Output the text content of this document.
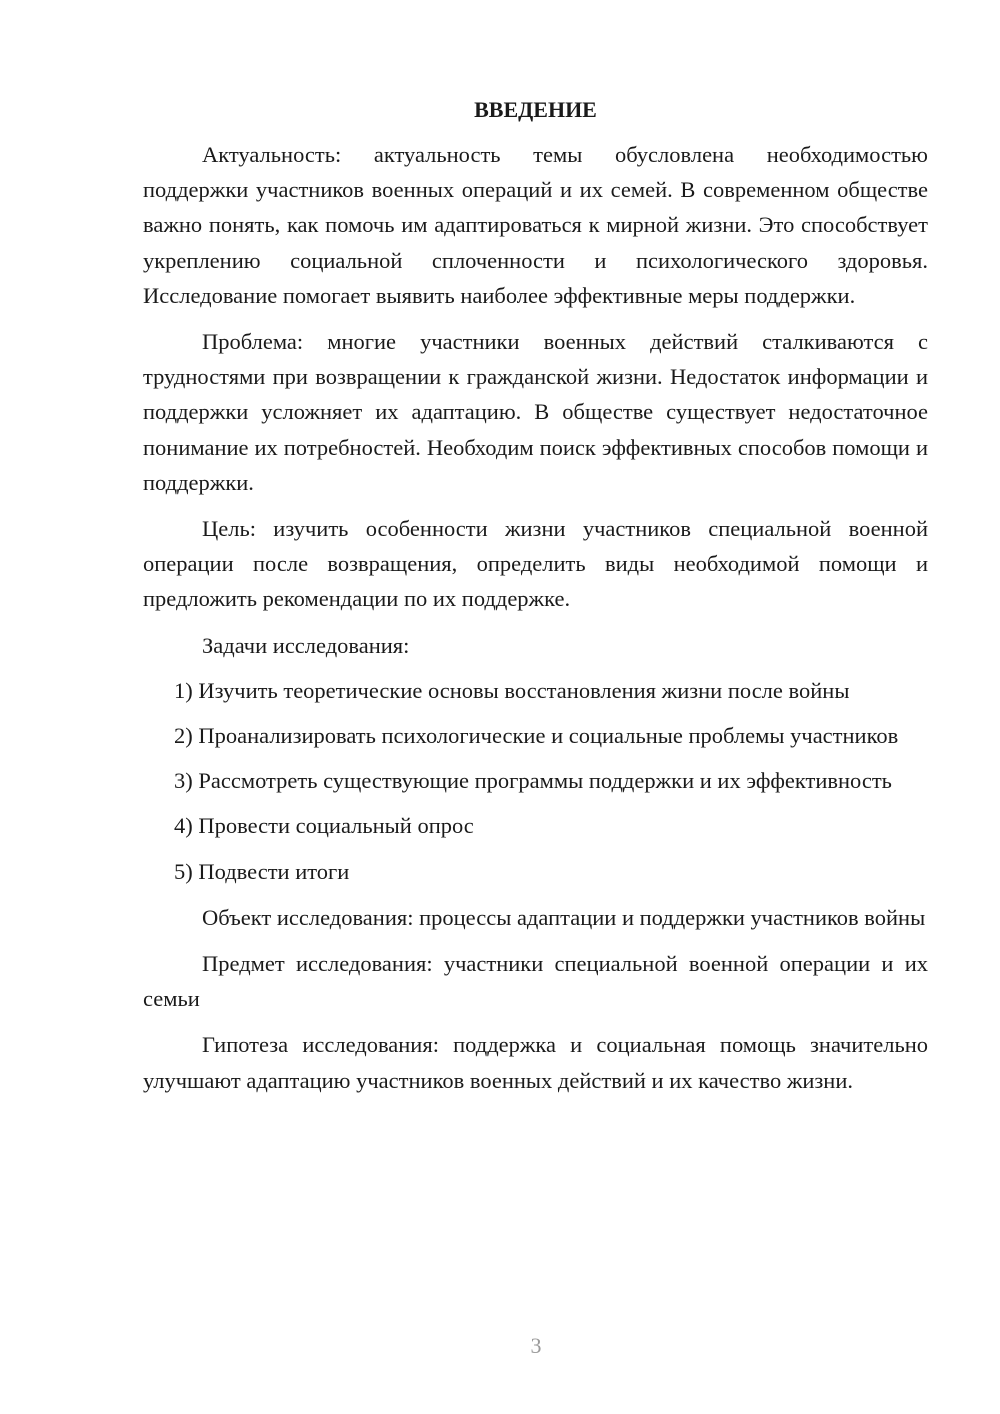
ВВЕДЕНИЕ

Актуальность: актуальность темы обусловлена необходимостью поддержки участников военных операций и их семей. В современном обществе важно понять, как помочь им адаптироваться к мирной жизни. Это способствует укреплению социальной сплоченности и психологического здоровья. Исследование помогает выявить наиболее эффективные меры поддержки.

Проблема: многие участники военных действий сталкиваются с трудностями при возвращении к гражданской жизни. Недостаток информации и поддержки усложняет их адаптацию. В обществе существует недостаточное понимание их потребностей. Необходим поиск эффективных способов помощи и поддержки.

Цель: изучить особенности жизни участников специальной военной операции после возвращения, определить виды необходимой помощи и предложить рекомендации по их поддержке.

Задачи исследования:

1) Изучить теоретические основы восстановления жизни после войны

2) Проанализировать психологические и социальные проблемы участников

3) Рассмотреть существующие программы поддержки и их эффективность

4) Провести социальный опрос

5) Подвести итоги

Объект исследования: процессы адаптации и поддержки участников войны

Предмет исследования: участники специальной военной операции и их семьи

Гипотеза исследования: поддержка и социальная помощь значительно улучшают адаптацию участников военных действий и их качество жизни.

3
